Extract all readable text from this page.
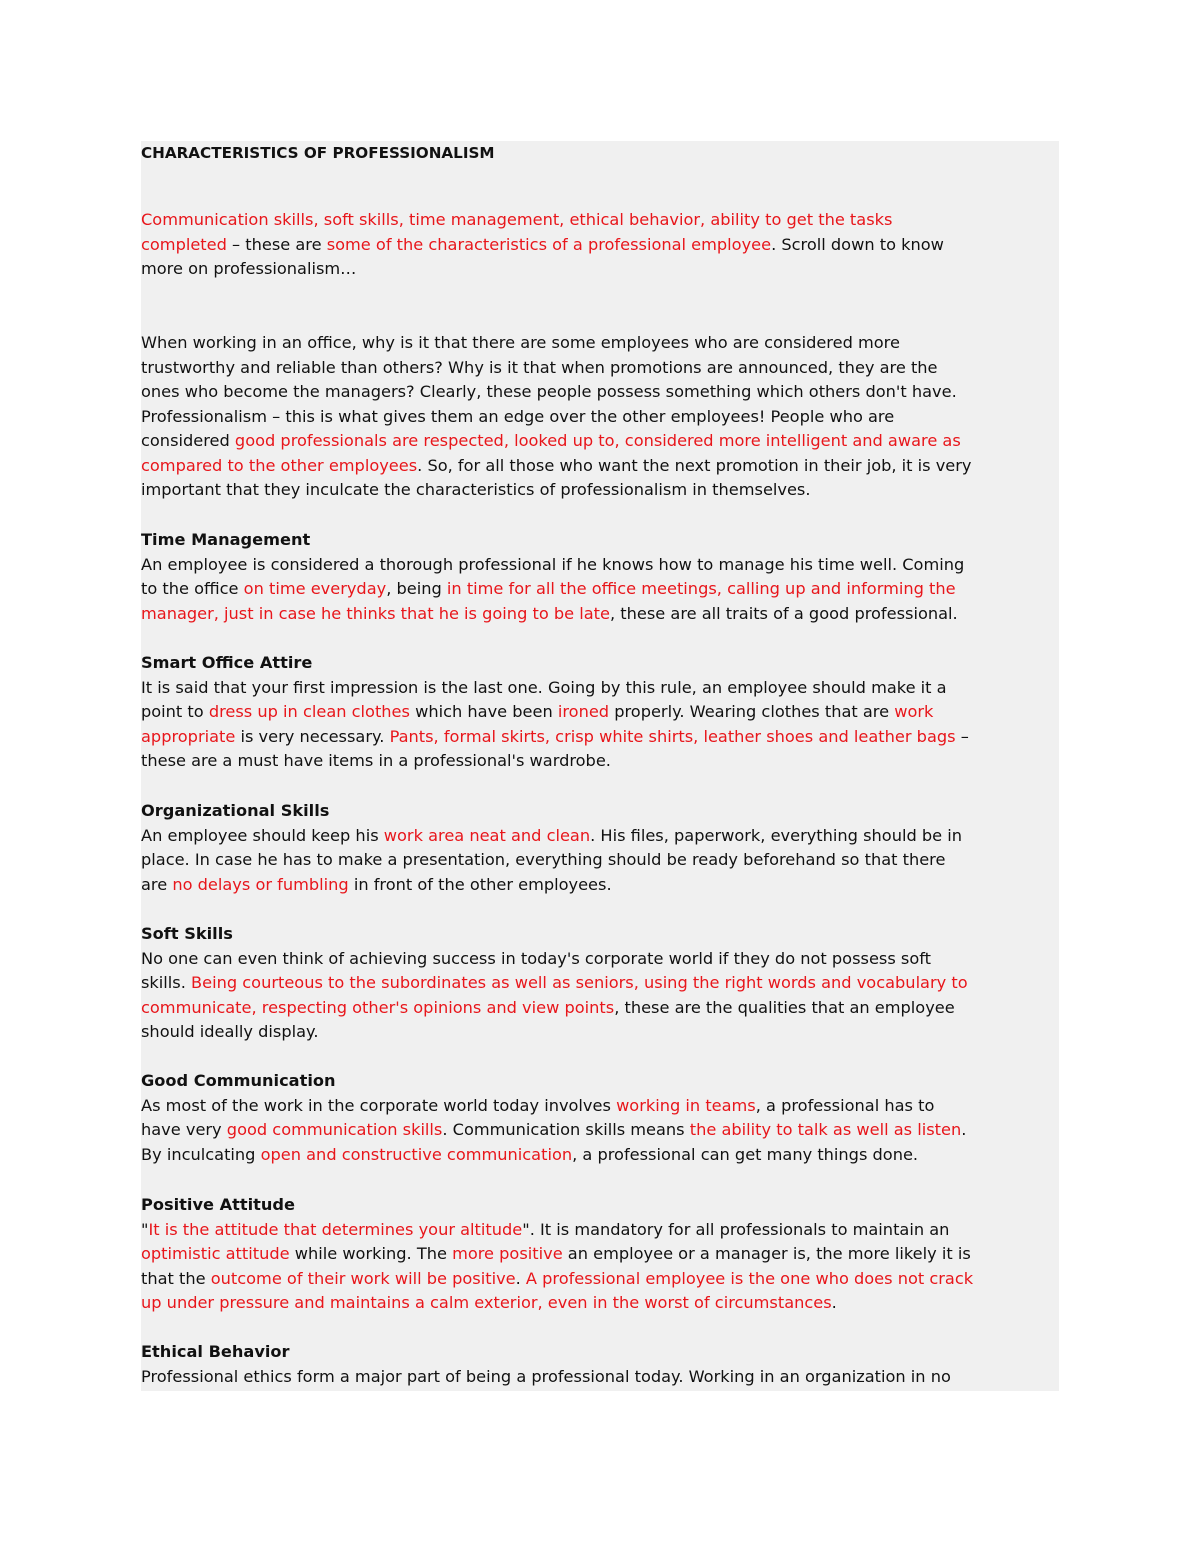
CHARACTERISTICS OF PROFESSIONALISM
Communication skills, soft skills, time management, ethical behavior, ability to get the tasks
completed – these are some of the characteristics of a professional employee. Scroll down to know
more on professionalism…
When working in an office, why is it that there are some employees who are considered more
trustworthy and reliable than others? Why is it that when promotions are announced, they are the
ones who become the managers? Clearly, these people possess something which others don't have.
Professionalism – this is what gives them an edge over the other employees! People who are
considered good professionals are respected, looked up to, considered more intelligent and aware as
compared to the other employees. So, for all those who want the next promotion in their job, it is very
important that they inculcate the characteristics of professionalism in themselves.
Time Management
An employee is considered a thorough professional if he knows how to manage his time well. Coming
to the office on time everyday, being in time for all the office meetings, calling up and informing the
manager, just in case he thinks that he is going to be late, these are all traits of a good professional.
Smart Office Attire
It is said that your first impression is the last one. Going by this rule, an employee should make it a
point to dress up in clean clothes which have been ironed properly. Wearing clothes that are work
appropriate is very necessary. Pants, formal skirts, crisp white shirts, leather shoes and leather bags –
these are a must have items in a professional's wardrobe.
Organizational Skills
An employee should keep his work area neat and clean. His files, paperwork, everything should be in
place. In case he has to make a presentation, everything should be ready beforehand so that there
are no delays or fumbling in front of the other employees.
Soft Skills
No one can even think of achieving success in today's corporate world if they do not possess soft
skills. Being courteous to the subordinates as well as seniors, using the right words and vocabulary to
communicate, respecting other's opinions and view points, these are the qualities that an employee
should ideally display.
Good Communication
As most of the work in the corporate world today involves working in teams, a professional has to
have very good communication skills. Communication skills means the ability to talk as well as listen.
By inculcating open and constructive communication, a professional can get many things done.
Positive Attitude
"It is the attitude that determines your altitude". It is mandatory for all professionals to maintain an
optimistic attitude while working. The more positive an employee or a manager is, the more likely it is
that the outcome of their work will be positive. A professional employee is the one who does not crack
up under pressure and maintains a calm exterior, even in the worst of circumstances.
Ethical Behavior
Professional ethics form a major part of being a professional today. Working in an organization in no
